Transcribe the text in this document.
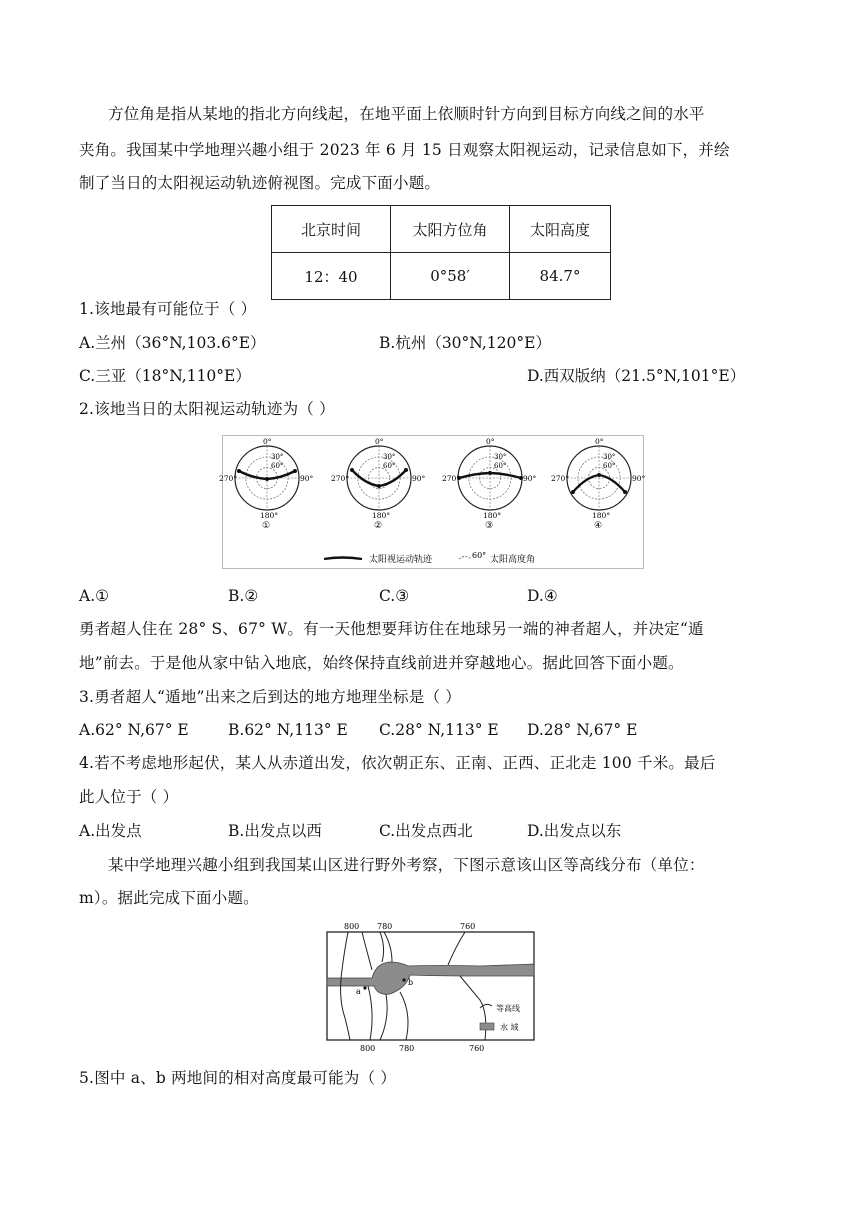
方位角是指从某地的指北方向线起，在地平面上依顺时针方向到目标方向线之间的水平
夹角。我国某中学地理兴趣小组于 2023 年 6 月 15 日观察太阳视运动，记录信息如下，并绘
制了当日的太阳视运动轨迹俯视图。完成下面小题。
北京时间	太阳方位角	太阳高度
12：40	0°58′	84.7°
1.该地最有可能位于（ ）
A.兰州（36°N,103.6°E）	B.杭州（30°N,120°E）
C.三亚（18°N,110°E）	D.西双版纳（21.5°N,101°E）
2.该地当日的太阳视运动轨迹为（ ）
0°
180°
90°
270°
30°
60°
①
0°
180°
90°
270°
30°
60°
②
0°
180°
90°
270°
30°
60°
③
0°
180°
90°
270°
30°
60°
④
太阳视运动轨迹	60° 太阳高度角
A.①	B.②	C.③	D.④
勇者超人住在 28° S、67° W。有一天他想要拜访住在地球另一端的神者超人，并决定“遁
地”前去。于是他从家中钻入地底，始终保持直线前进并穿越地心。据此回答下面小题。
3.勇者超人“遁地”出来之后到达的地方地理坐标是（ ）
A.62° N,67° E	B.62° N,113° E C.28° N,113° E D.28° N,67° E
4.若不考虑地形起伏，某人从赤道出发，依次朝正东、正南、正西、正北走 100 千米。最后
此人位于（ ）
A.出发点	B.出发点以西	C.出发点西北	D.出发点以东
某中学地理兴趣小组到我国某山区进行野外考察，下图示意该山区等高线分布（单位：
m）。据此完成下面小题。
800 780	760
a
b
等高线
水 域
800	780	760
5.图中 a、b 两地间的相对高度最可能为（ ）
